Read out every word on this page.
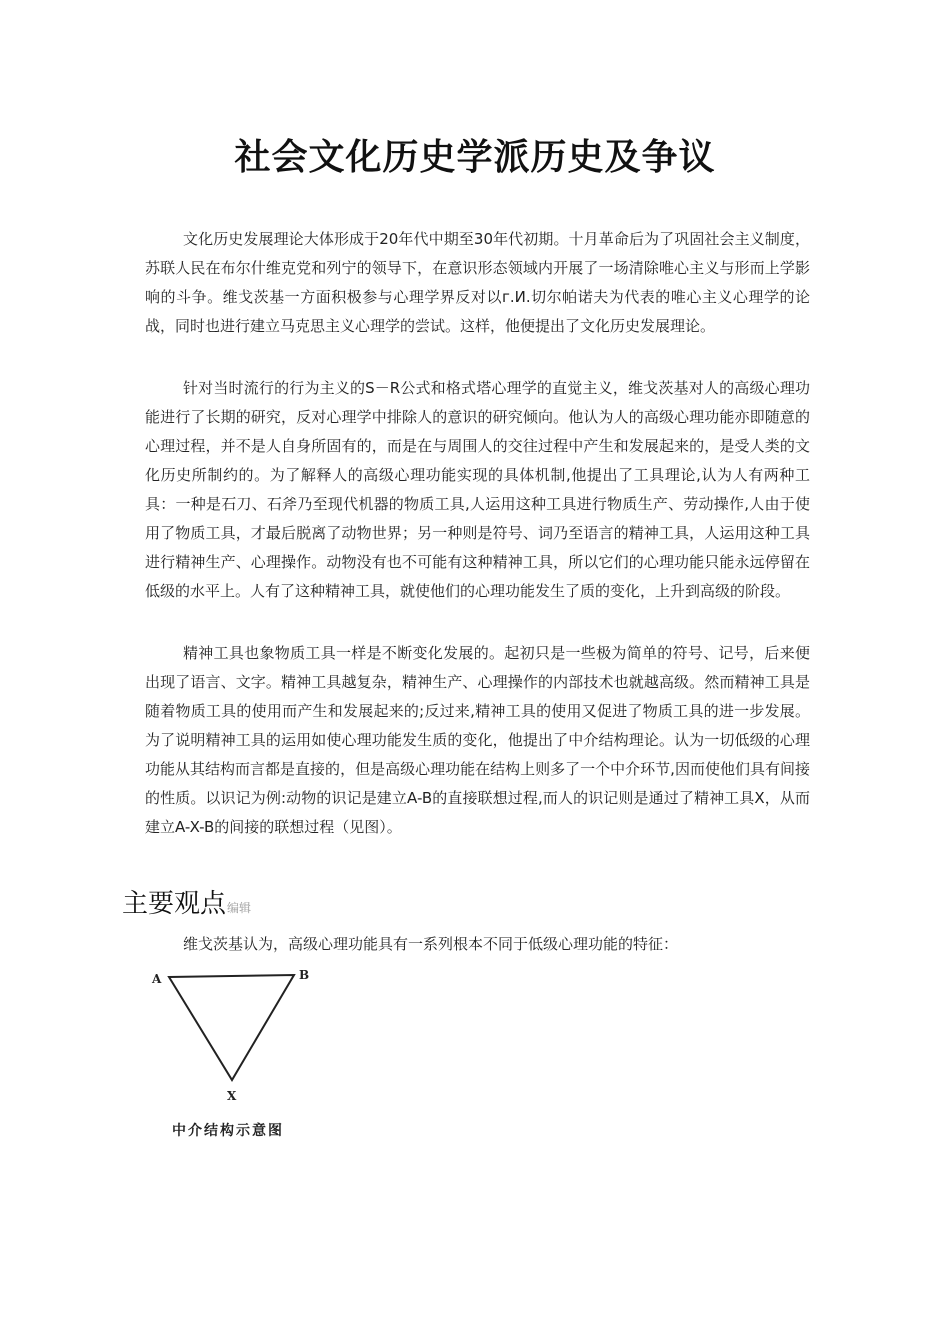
社会文化历史学派历史及争议

文化历史发展理论大体形成于20年代中期至30年代初期。十月革命后为了巩固社会主义制度，苏联人民在布尔什维克党和列宁的领导下，在意识形态领域内开展了一场清除唯心主义与形而上学影响的斗争。维戈茨基一方面积极参与心理学界反对以г.И.切尔帕诺夫为代表的唯心主义心理学的论战，同时也进行建立马克思主义心理学的尝试。这样，他便提出了文化历史发展理论。

针对当时流行的行为主义的S－R公式和格式塔心理学的直觉主义，维戈茨基对人的高级心理功能进行了长期的研究，反对心理学中排除人的意识的研究倾向。他认为人的高级心理功能亦即随意的心理过程，并不是人自身所固有的，而是在与周围人的交往过程中产生和发展起来的，是受人类的文化历史所制约的。为了解释人的高级心理功能实现的具体机制,他提出了工具理论,认为人有两种工具：一种是石刀、石斧乃至现代机器的物质工具,人运用这种工具进行物质生产、劳动操作,人由于使用了物质工具，才最后脱离了动物世界；另一种则是符号、词乃至语言的精神工具，人运用这种工具进行精神生产、心理操作。动物没有也不可能有这种精神工具，所以它们的心理功能只能永远停留在低级的水平上。人有了这种精神工具，就使他们的心理功能发生了质的变化，上升到高级的阶段。

精神工具也象物质工具一样是不断变化发展的。起初只是一些极为简单的符号、记号，后来便出现了语言、文字。精神工具越复杂，精神生产、心理操作的内部技术也就越高级。然而精神工具是随着物质工具的使用而产生和发展起来的;反过来,精神工具的使用又促进了物质工具的进一步发展。为了说明精神工具的运用如使心理功能发生质的变化，他提出了中介结构理论。认为一切低级的心理功能从其结构而言都是直接的，但是高级心理功能在结构上则多了一个中介环节,因而使他们具有间接的性质。以识记为例:动物的识记是建立A-B的直接联想过程,而人的识记则是通过了精神工具X，从而建立A-X-B的间接的联想过程（见图）。

主要观点编辑

维戈茨基认为，高级心理功能具有一系列根本不同于低级心理功能的特征：

A	B
X
中介结构示意图
